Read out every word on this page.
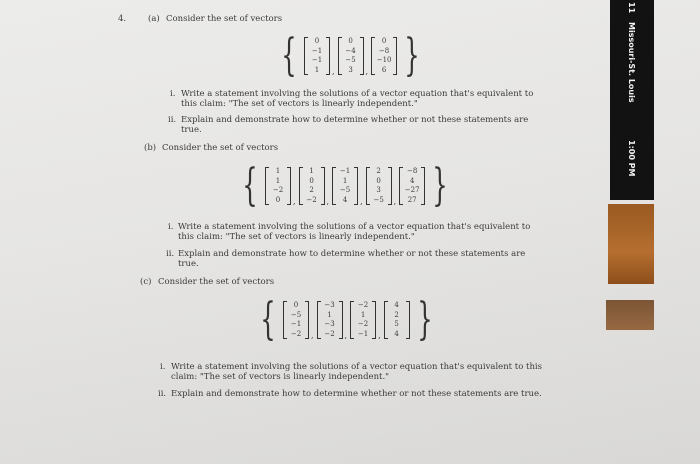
4.	(a) Consider the set of vectors
{	0
−1
−1
1	,
0
−4
−5
3	,
0
−8
−10
6 }
i. Write a statement involving the solutions of a vector equation that's equivalent to this claim: "The set of vectors is linearly independent."
ii. Explain and demonstrate how to determine whether or not these statements are true.
(b) Consider the set of vectors
{	1
1
−2
0	,
1
0
2
−2	,
−1
1
−5
4	,
2
0
3
−5	,
−8
4
−27
27 }
i. Write a statement involving the solutions of a vector equation that's equivalent to this claim: "The set of vectors is linearly independent."
ii. Explain and demonstrate how to determine whether or not these statements are true.
(c) Consider the set of vectors
{	0
−5
−1
−2	,
−3
1
−3
−2	,
−2
1
−2
−1	,
4
2
5
4 }
i. Write a statement involving the solutions of a vector equation that's equivalent to this claim: "The set of vectors is linearly independent."
ii. Explain and demonstrate how to determine whether or not these statements are true.
11
Missouri-St. Louis
1:00 PM
